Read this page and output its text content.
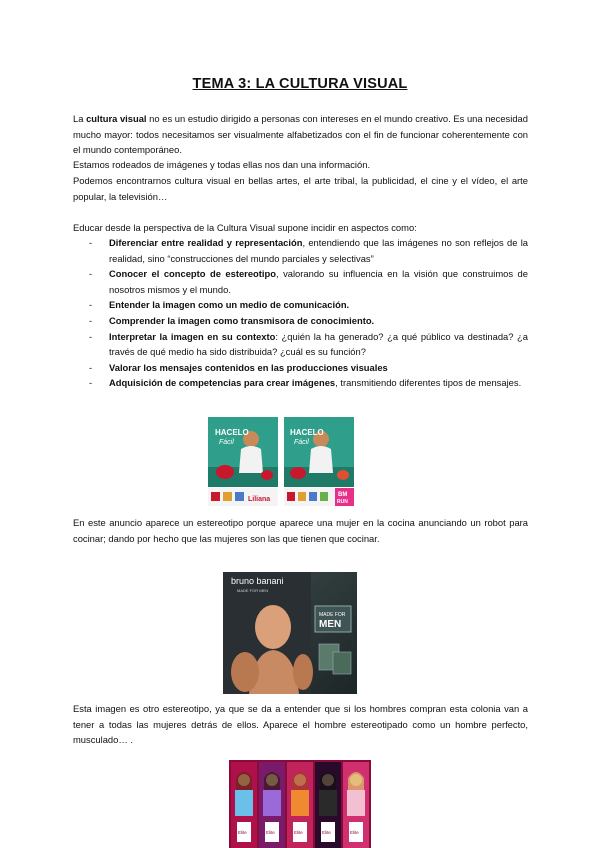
TEMA 3: LA CULTURA VISUAL

La cultura visual no es un estudio dirigido a personas con intereses en el mundo creativo. Es una necesidad mucho mayor: todos necesitamos ser visualmente alfabetizados con el fin de funcionar coherentemente con el mundo contemporáneo.

Estamos rodeados de imágenes y todas ellas nos dan una información.

Podemos encontrarnos cultura visual en bellas artes, el arte tribal, la publicidad, el cine y el vídeo, el arte popular, la televisión…

Educar desde la perspectiva de la Cultura Visual supone incidir en aspectos como:

- Diferenciar entre realidad y representación, entendiendo que las imágenes no son reflejos de la realidad, sino “construcciones del mundo parciales y selectivas”
- Conocer el concepto de estereotipo, valorando su influencia en la visión que construimos de nosotros mismos y el mundo.
- Entender la imagen como un medio de comunicación.
- Comprender la imagen como transmisora de conocimiento.
- Interpretar la imagen en su contexto: ¿quién la ha generado? ¿a qué público va destinada? ¿a través de qué medio ha sido distribuida? ¿cuál es su función?
- Valorar los mensajes contenidos en las producciones visuales
- Adquisición de competencias para crear imágenes, transmitiendo diferentes tipos de mensajes.
HACELO
Fácil
Liliana
HACELO
Fácil
BM
RUN

En este anuncio aparece un estereotipo porque aparece una mujer en la cocina anunciando un robot para cocinar; dando por hecho que las mujeres son las que tienen que cocinar.

bruno banani
MADE FOR MEN
MADE FOR
MEN

Esta imagen es otro estereotipo, ya que se da a entender que si los hombres compran esta colonia van a tener a todas las mujeres detrás de ellos. Aparece el hombre estereotipado como un hombre perfecto, musculado… .

Elite	Elite	Elite	Elite	Elite
